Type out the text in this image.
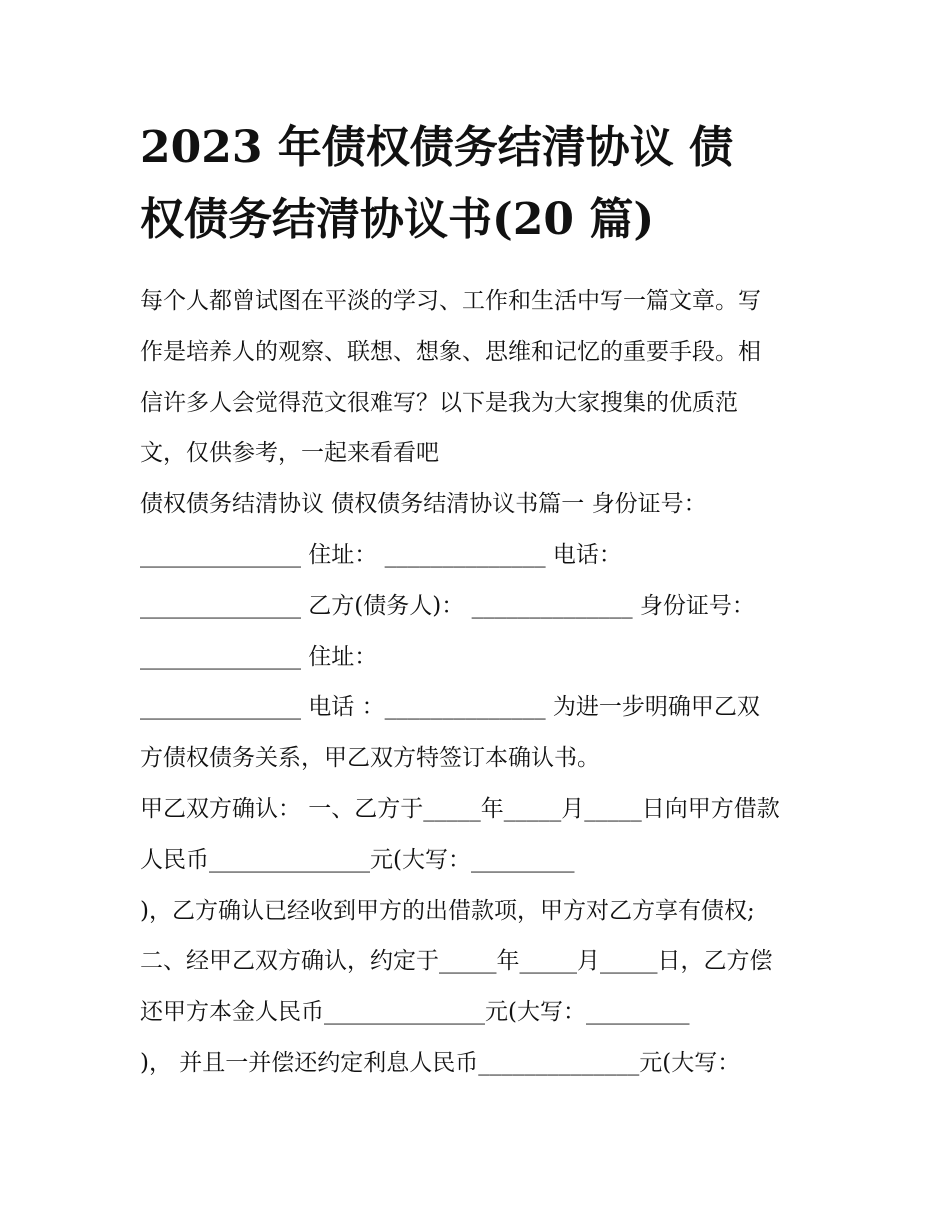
2023 年债权债务结清协议 债
权债务结清协议书(20 篇)
每个人都曾试图在平淡的学习、工作和生活中写一篇文章。写
作是培养人的观察、联想、想象、思维和记忆的重要手段。相
信许多人会觉得范文很难写？以下是我为大家搜集的优质范
文，仅供参考，一起来看看吧
债权债务结清协议 债权债务结清协议书篇一 身份证号：
______________ 住址： ______________ 电话：
______________ 乙方(债务人)： ______________ 身份证号：
______________ 住址：
______________ 电话 ：______________ 为进一步明确甲乙双
方债权债务关系，甲乙双方特签订本确认书。
甲乙双方确认： 一、乙方于_____年_____月_____日向甲方借款
人民币______________元(大写：_________
)，乙方确认已经收到甲方的出借款项，甲方对乙方享有债权;
二、经甲乙双方确认，约定于_____年_____月_____日，乙方偿
还甲方本金人民币______________元(大写：_________
)， 并且一并偿还约定利息人民币______________元(大写：
